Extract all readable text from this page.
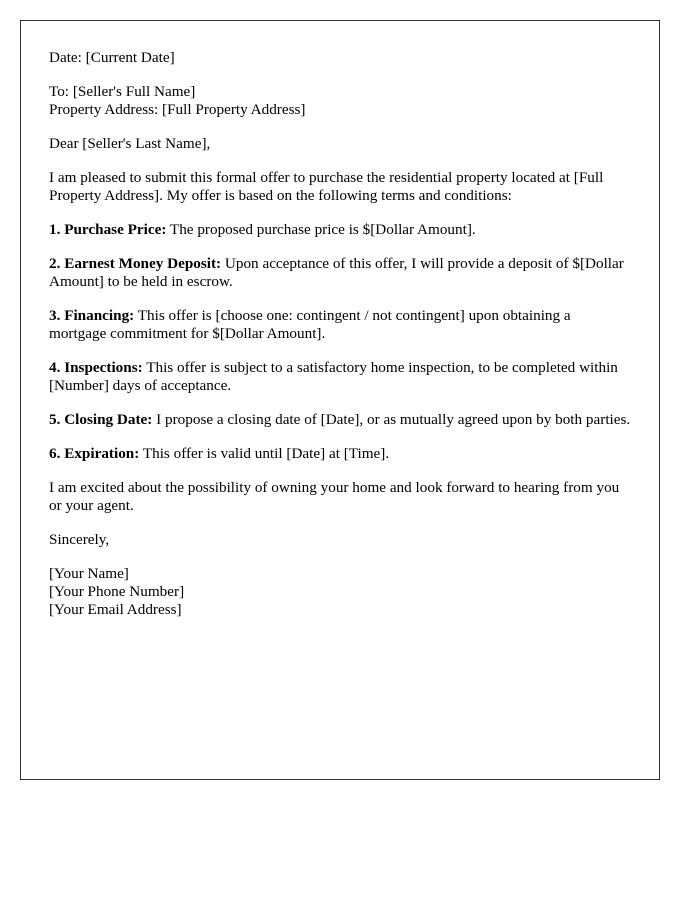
Date: [Current Date]

To: [Seller's Full Name]
Property Address: [Full Property Address]

Dear [Seller's Last Name],

I am pleased to submit this formal offer to purchase the residential property located at [Full Property Address]. My offer is based on the following terms and conditions:

1. Purchase Price: The proposed purchase price is $[Dollar Amount].

2. Earnest Money Deposit: Upon acceptance of this offer, I will provide a deposit of $[Dollar Amount] to be held in escrow.

3. Financing: This offer is [choose one: contingent / not contingent] upon obtaining a mortgage commitment for $[Dollar Amount].

4. Inspections: This offer is subject to a satisfactory home inspection, to be completed within [Number] days of acceptance.

5. Closing Date: I propose a closing date of [Date], or as mutually agreed upon by both parties.

6. Expiration: This offer is valid until [Date] at [Time].

I am excited about the possibility of owning your home and look forward to hearing from you or your agent.

Sincerely,

[Your Name]
[Your Phone Number]
[Your Email Address]
